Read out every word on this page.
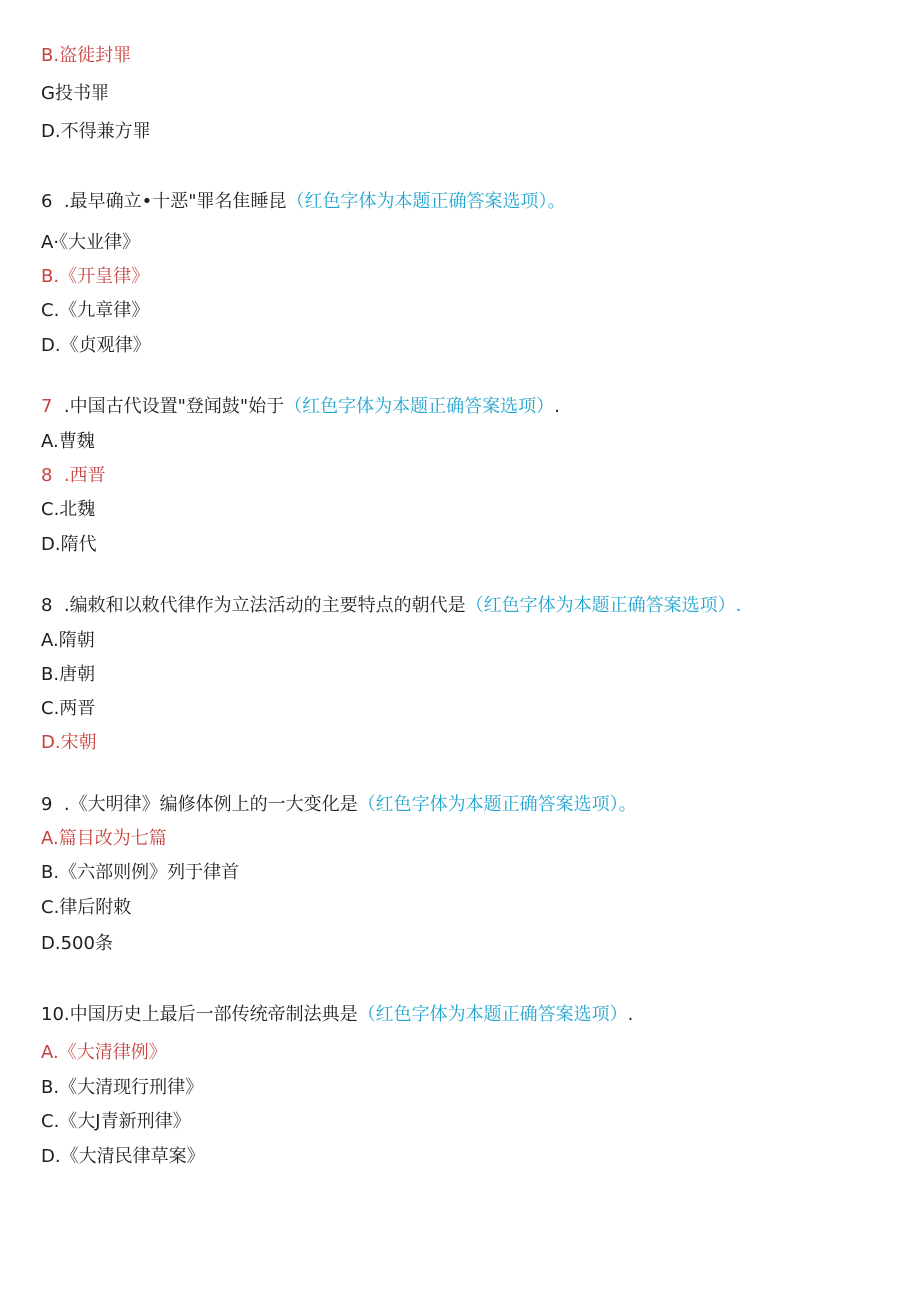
B.盗徙封罪
G投书罪
D.不得兼方罪
6  .最早确立•十恶"罪名隹睡昆（红色字体为本题正确答案选项）。
A·《大业律》
B.《开皇律》
C.《九章律》
D.《贞观律》
7  .中国古代设置"登闻鼓"始于（红色字体为本题正确答案选项）.
A.曹魏
8  .西晋
C.北魏
D.隋代
8  .编敕和以敕代律作为立法活动的主要特点的朝代是（红色字体为本题正确答案选项）.
A.隋朝
B.唐朝
C.两晋
D.宋朝
9  .《大明律》编修体例上的一大变化是（红色字体为本题正确答案选项）。
A.篇目改为七篇
B.《六部则例》列于律首
C.律后附敕
D.500条
10.中国历史上最后一部传统帝制法典是（红色字体为本题正确答案选项）.
A.《大清律例》
B.《大清现行刑律》
C.《大J青新刑律》
D.《大清民律草案》
